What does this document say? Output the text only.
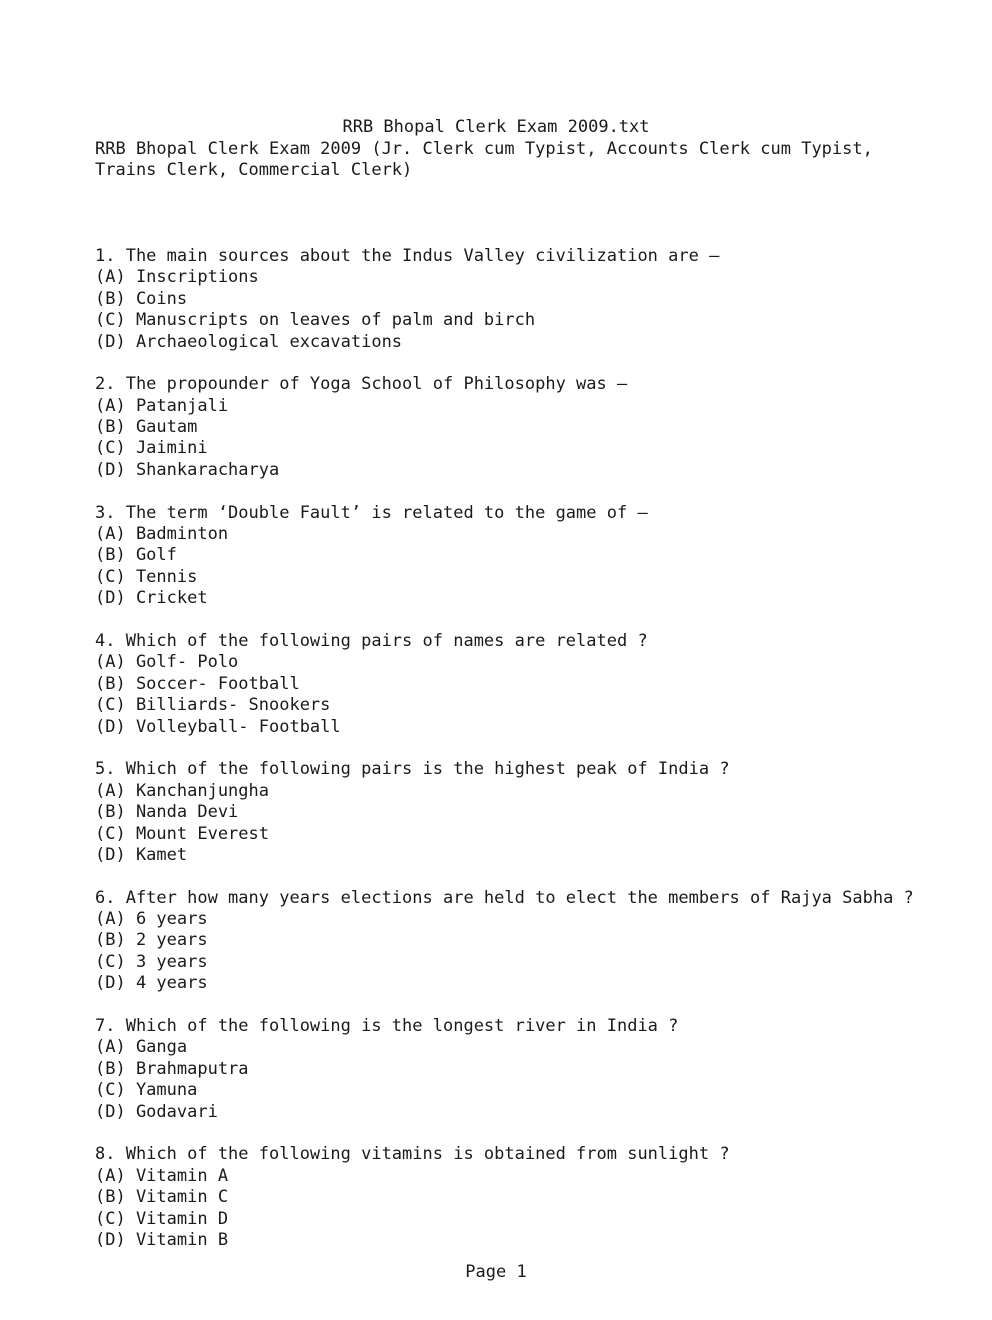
RRB Bhopal Clerk Exam 2009.txt
RRB Bhopal Clerk Exam 2009 (Jr. Clerk cum Typist, Accounts Clerk cum Typist,
Trains Clerk, Commercial Clerk)
1. The main sources about the Indus Valley civilization are –
(A) Inscriptions
(B) Coins
(C) Manuscripts on leaves of palm and birch
(D) Archaeological excavations
2. The propounder of Yoga School of Philosophy was –
(A) Patanjali
(B) Gautam
(C) Jaimini
(D) Shankaracharya
3. The term ‘Double Fault’ is related to the game of –
(A) Badminton
(B) Golf
(C) Tennis
(D) Cricket
4. Which of the following pairs of names are related ?
(A) Golf- Polo
(B) Soccer- Football
(C) Billiards- Snookers
(D) Volleyball- Football
5. Which of the following pairs is the highest peak of India ?
(A) Kanchanjungha
(B) Nanda Devi
(C) Mount Everest
(D) Kamet
6. After how many years elections are held to elect the members of Rajya Sabha ?
(A) 6 years
(B) 2 years
(C) 3 years
(D) 4 years
7. Which of the following is the longest river in India ?
(A) Ganga
(B) Brahmaputra
(C) Yamuna
(D) Godavari
8. Which of the following vitamins is obtained from sunlight ?
(A) Vitamin A
(B) Vitamin C
(C) Vitamin D
(D) Vitamin B
Page 1
